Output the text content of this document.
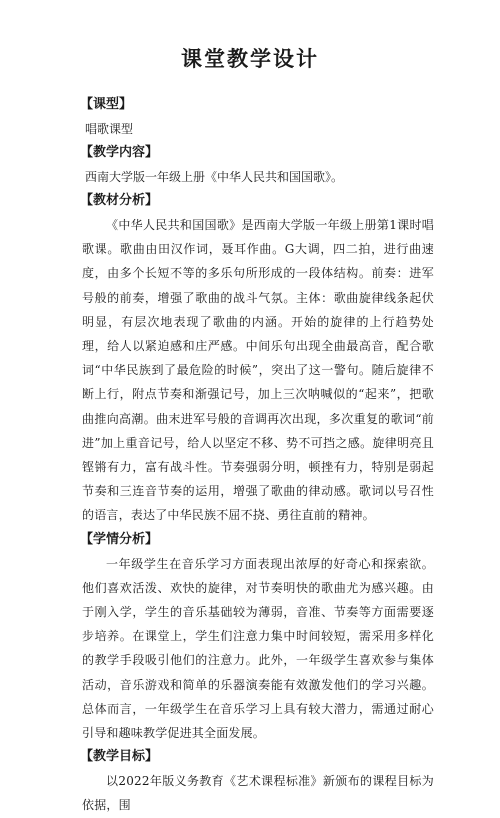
课堂教学设计
【课型】
唱歌课型
【教学内容】
西南大学版一年级上册《中华人民共和国国歌》。
【教材分析】

《中华人民共和国国歌》是西南大学版一年级上册第1课时唱歌课。歌曲由田汉作词，聂耳作曲。G大调，四二拍，进行曲速度，由多个长短不等的多乐句所形成的一段体结构。前奏：进军号般的前奏，增强了歌曲的战斗气氛。主体：歌曲旋律线条起伏明显，有层次地表现了歌曲的内涵。开始的旋律的上行趋势处理，给人以紧迫感和庄严感。中间乐句出现全曲最高音，配合歌词“中华民族到了最危险的时候”，突出了这一警句。随后旋律不断上行，附点节奏和渐强记号，加上三次呐喊似的“起来”，把歌曲推向高潮。曲末进军号般的音调再次出现，多次重复的歌词“前进”加上重音记号，给人以坚定不移、势不可挡之感。旋律明亮且铿锵有力，富有战斗性。节奏强弱分明，顿挫有力，特别是弱起节奏和三连音节奏的运用，增强了歌曲的律动感。歌词以号召性的语言，表达了中华民族不屈不挠、勇往直前的精神。

【学情分析】

一年级学生在音乐学习方面表现出浓厚的好奇心和探索欲。他们喜欢活泼、欢快的旋律，对节奏明快的歌曲尤为感兴趣。由于刚入学，学生的音乐基础较为薄弱，音准、节奏等方面需要逐步培养。在课堂上，学生们注意力集中时间较短，需采用多样化的教学手段吸引他们的注意力。此外，一年级学生喜欢参与集体活动，音乐游戏和简单的乐器演奏能有效激发他们的学习兴趣。总体而言，一年级学生在音乐学习上具有较大潜力，需通过耐心引导和趣味教学促进其全面发展。

【教学目标】

以2022年版义务教育《艺术课程标准》新颁布的课程目标为依据，围
